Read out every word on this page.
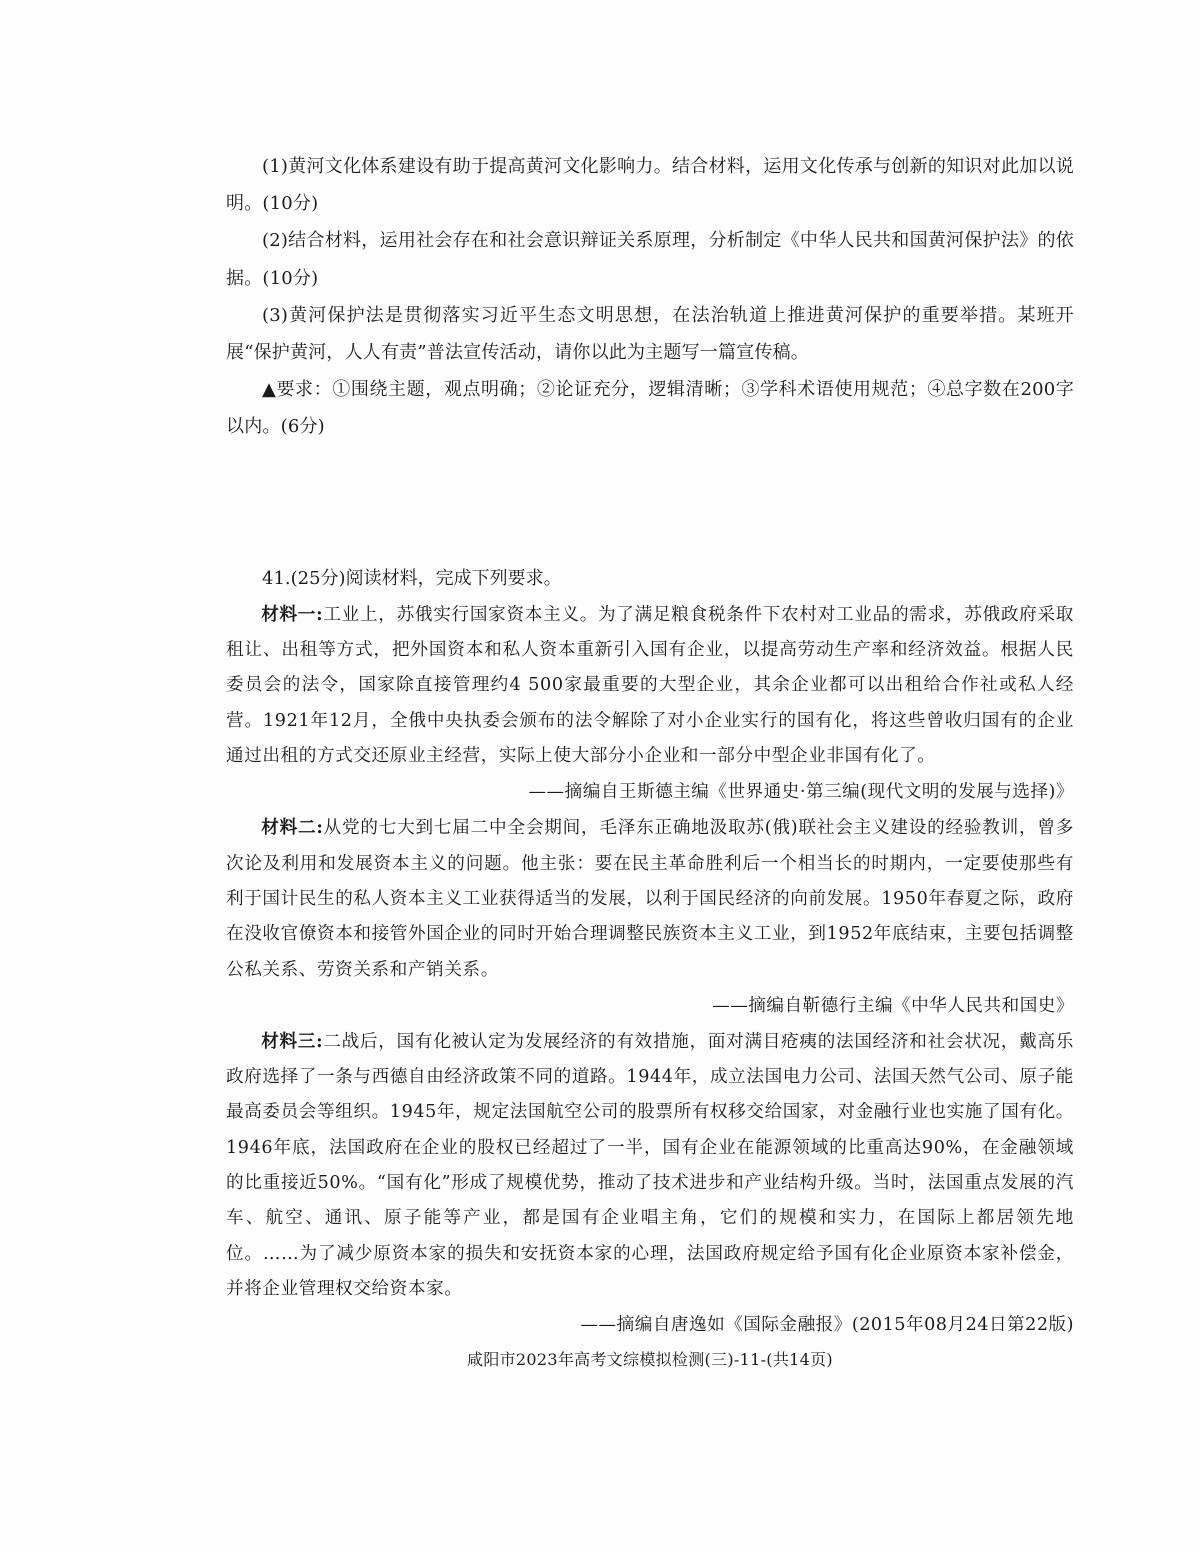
(1)黄河文化体系建设有助于提高黄河文化影响力。结合材料，运用文化传承与创新的知识对此加以说明。(10分)

(2)结合材料，运用社会存在和社会意识辩证关系原理，分析制定《中华人民共和国黄河保护法》的依据。(10分)

(3)黄河保护法是贯彻落实习近平生态文明思想，在法治轨道上推进黄河保护的重要举措。某班开展“保护黄河，人人有责”普法宣传活动，请你以此为主题写一篇宣传稿。

▲要求：①围绕主题，观点明确；②论证充分，逻辑清晰；③学科术语使用规范；④总字数在200字以内。(6分)

41.(25分)阅读材料，完成下列要求。

材料一:工业上，苏俄实行国家资本主义。为了满足粮食税条件下农村对工业品的需求，苏俄政府采取租让、出租等方式，把外国资本和私人资本重新引入国有企业，以提高劳动生产率和经济效益。根据人民委员会的法令，国家除直接管理约4 500家最重要的大型企业，其余企业都可以出租给合作社或私人经营。1921年12月，全俄中央执委会颁布的法令解除了对小企业实行的国有化，将这些曾收归国有的企业通过出租的方式交还原业主经营，实际上使大部分小企业和一部分中型企业非国有化了。

——摘编自王斯德主编《世界通史·第三编(现代文明的发展与选择)》

材料二:从党的七大到七届二中全会期间，毛泽东正确地汲取苏(俄)联社会主义建设的经验教训，曾多次论及利用和发展资本主义的问题。他主张：要在民主革命胜利后一个相当长的时期内，一定要使那些有利于国计民生的私人资本主义工业获得适当的发展，以利于国民经济的向前发展。1950年春夏之际，政府在没收官僚资本和接管外国企业的同时开始合理调整民族资本主义工业，到1952年底结束，主要包括调整公私关系、劳资关系和产销关系。

——摘编自靳德行主编《中华人民共和国史》

材料三:二战后，国有化被认定为发展经济的有效措施，面对满目疮痍的法国经济和社会状况，戴高乐政府选择了一条与西德自由经济政策不同的道路。1944年，成立法国电力公司、法国天然气公司、原子能最高委员会等组织。1945年，规定法国航空公司的股票所有权移交给国家，对金融行业也实施了国有化。1946年底，法国政府在企业的股权已经超过了一半，国有企业在能源领域的比重高达90%，在金融领域的比重接近50%。“国有化”形成了规模优势，推动了技术进步和产业结构升级。当时，法国重点发展的汽车、航空、通讯、原子能等产业，都是国有企业唱主角，它们的规模和实力，在国际上都居领先地位。……为了减少原资本家的损失和安抚资本家的心理，法国政府规定给予国有化企业原资本家补偿金，并将企业管理权交给资本家。

——摘编自唐逸如《国际金融报》(2015年08月24日第22版)

咸阳市2023年高考文综模拟检测(三)-11-(共14页)
